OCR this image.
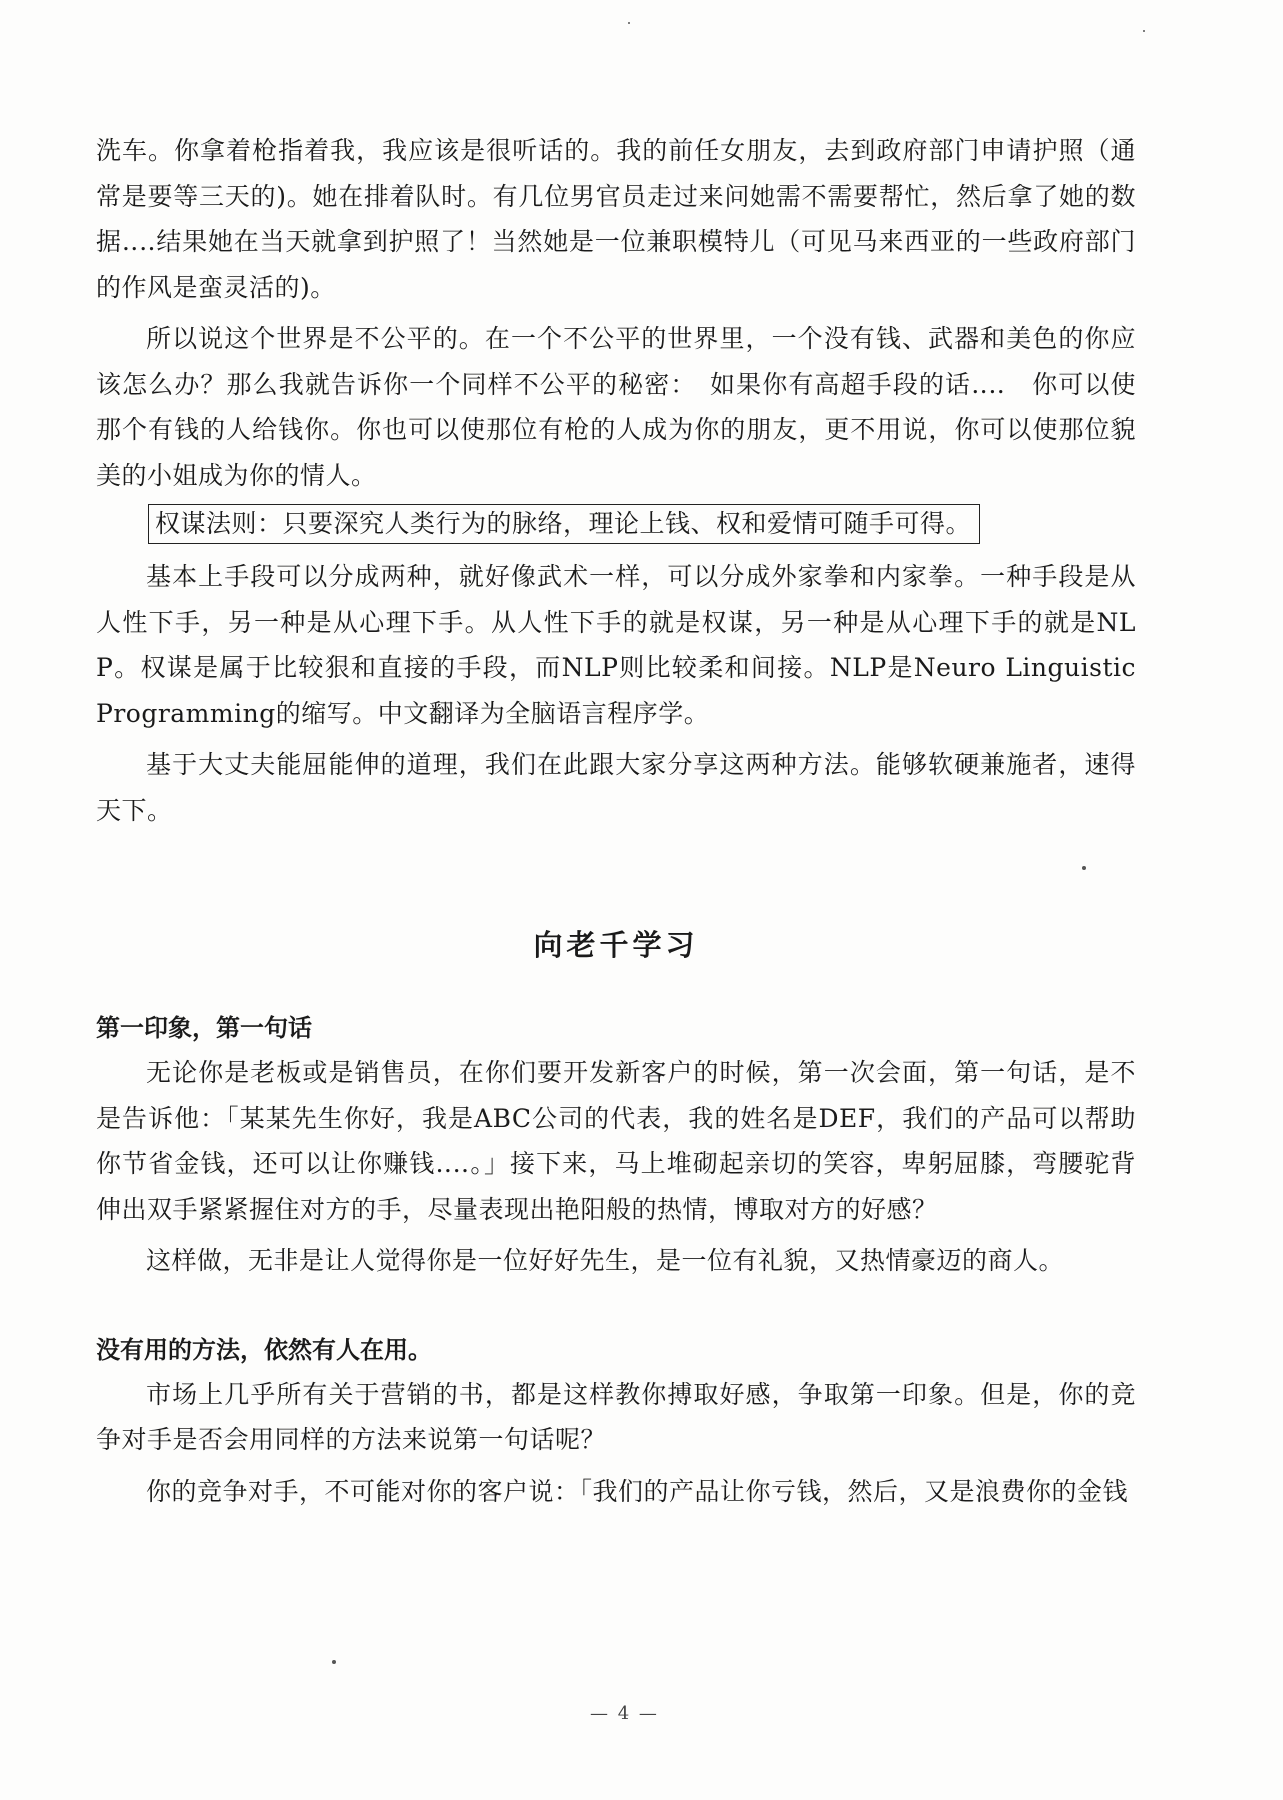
洗车。你拿着枪指着我，我应该是很听话的。我的前任女朋友，去到政府部门申请护照（通常是要等三天的)。她在排着队时。有几位男官员走过来问她需不需要帮忙，然后拿了她的数据‥‥结果她在当天就拿到护照了！当然她是一位兼职模特儿（可见马来西亚的一些政府部门的作风是蛮灵活的)。

所以说这个世界是不公平的。在一个不公平的世界里，一个没有钱、武器和美色的你应该怎么办？那么我就告诉你一个同样不公平的秘密：　如果你有高超手段的话‥‥　你可以使那个有钱的人给钱你。你也可以使那位有枪的人成为你的朋友，更不用说，你可以使那位貌美的小姐成为你的情人。

权谋法则：只要深究人类行为的脉络，理论上钱、权和爱情可随手可得。

基本上手段可以分成两种，就好像武术一样，可以分成外家拳和内家拳。一种手段是从人性下手，另一种是从心理下手。从人性下手的就是权谋，另一种是从心理下手的就是NLP。权谋是属于比较狠和直接的手段，而NLP则比较柔和间接。NLP是Neuro Linguistic Programming的缩写。中文翻译为全脑语言程序学。

基于大丈夫能屈能伸的道理，我们在此跟大家分享这两种方法。能够软硬兼施者，速得天下。

向老千学习

第一印象，第一句话

无论你是老板或是销售员，在你们要开发新客户的时候，第一次会面，第一句话，是不是告诉他：「某某先生你好，我是ABC公司的代表，我的姓名是DEF，我们的产品可以帮助你节省金钱，还可以让你赚钱‥‥。」接下来，马上堆砌起亲切的笑容，卑躬屈膝，弯腰驼背伸出双手紧紧握住对方的手，尽量表现出艳阳般的热情，博取对方的好感？

这样做，无非是让人觉得你是一位好好先生，是一位有礼貌，又热情豪迈的商人。

没有用的方法，依然有人在用。

市场上几乎所有关于营销的书，都是这样教你搏取好感，争取第一印象。但是，你的竞争对手是否会用同样的方法来说第一句话呢？

你的竞争对手，不可能对你的客户说：「我们的产品让你亏钱，然后，又是浪费你的金钱

— 4 —
